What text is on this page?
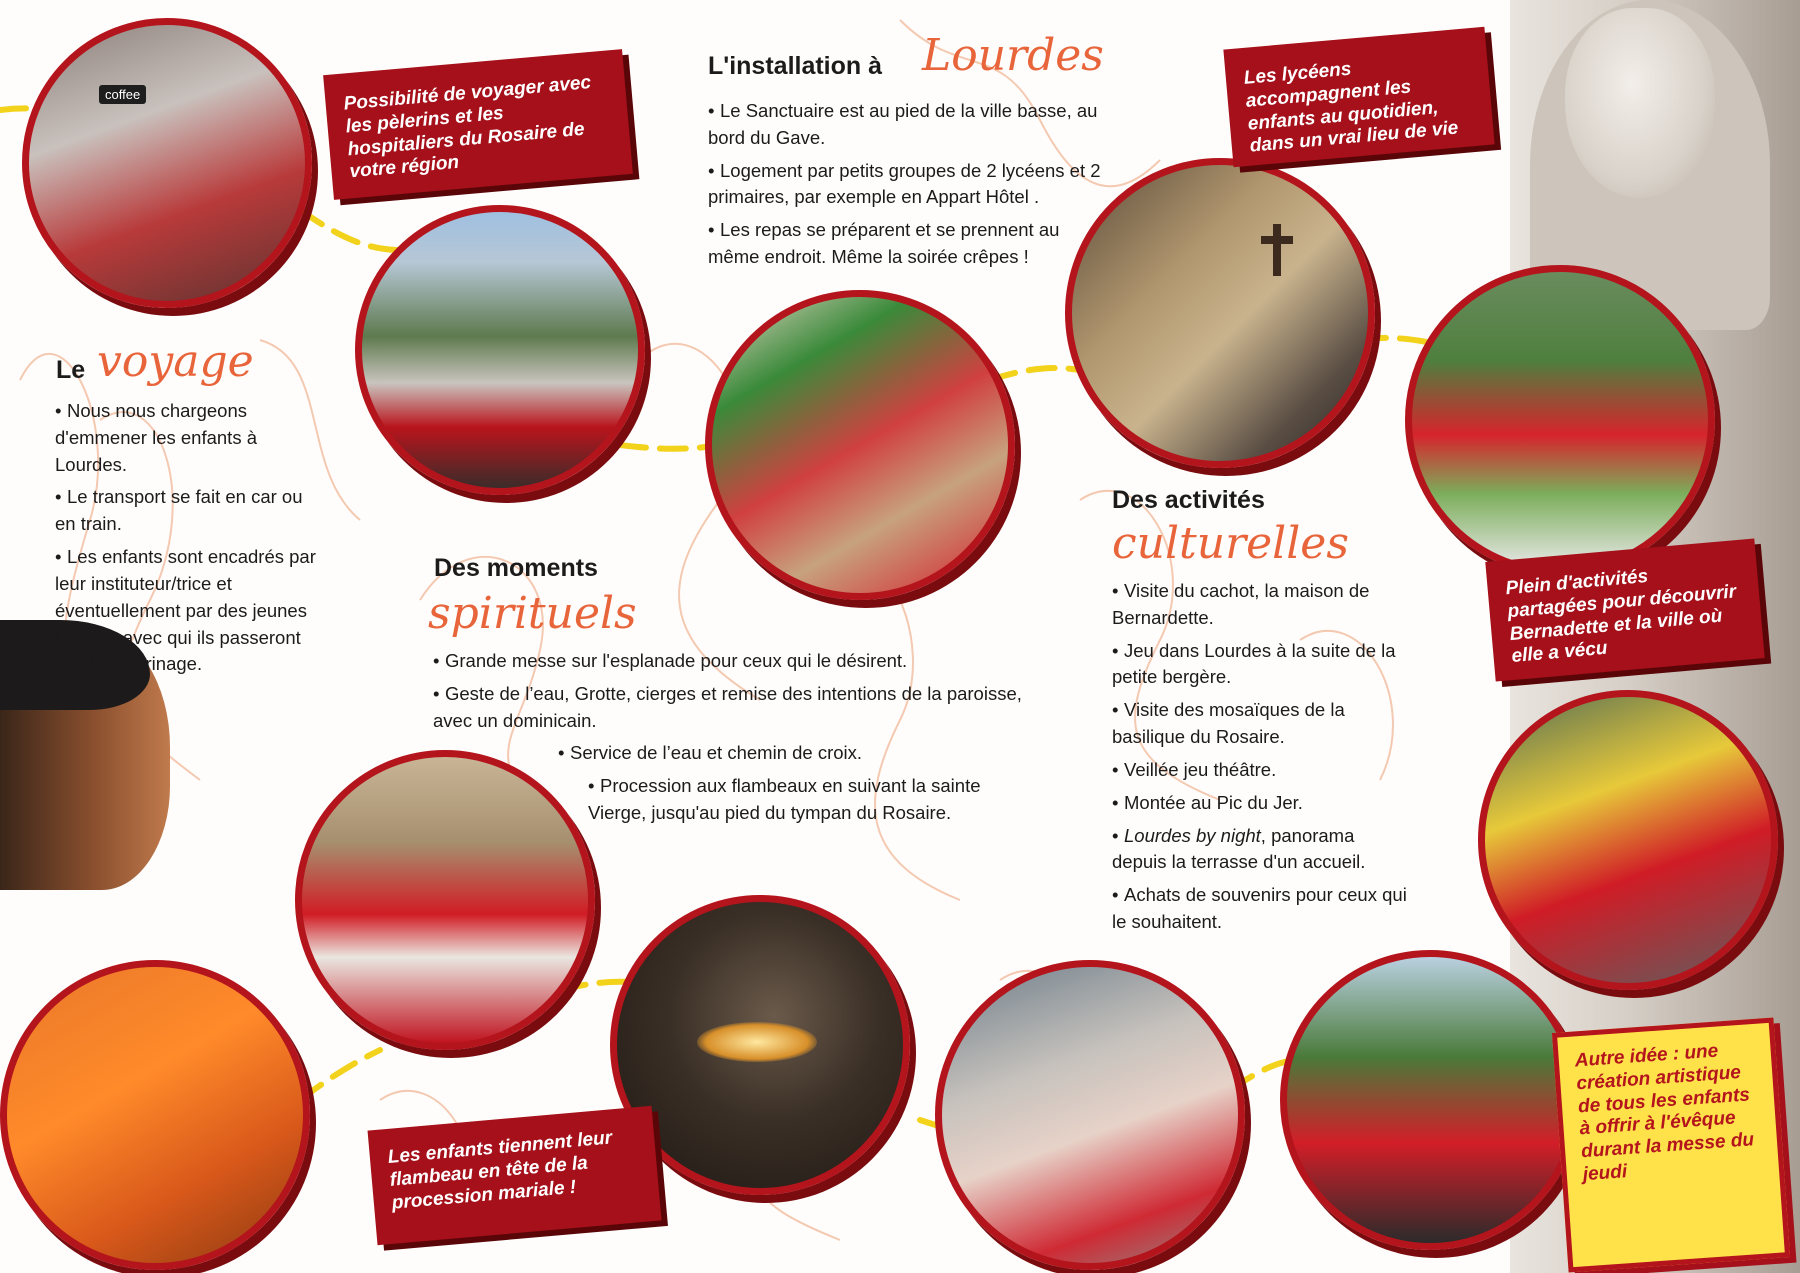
coffee	Possibilité de voyager avec les pèlerins et les hospitaliers du Rosaire de votre région
Les lycéens accompagnent les enfants au quotidien, dans un vrai lieu de vie
Plein d'activités partagées pour découvrir Bernadette et la ville où elle a vécu
Les enfants tiennent leur flambeau en tête de la procession mariale !
Autre idée : une création artistique de tous les enfants à offrir à l'évêque durant la messe du jeudi
Le voyage
• Nous nous chargeons d'emmener les enfants à Lourdes.
• Le transport se fait en car ou en train.
• Les enfants sont encadrés par leur instituteur/trice et éventuellement par des jeunes lycéens avec qui ils passeront tout le pèlerinage.
L'installation à Lourdes
• Le Sanctuaire est au pied de la ville basse, au bord du Gave.
• Logement par petits groupes de 2 lycéens et 2 primaires, par exemple en Appart Hôtel .
• Les repas se préparent et se prennent au même endroit. Même la soirée crêpes !
Des moments
spirituels
• Grande messe sur l'esplanade pour ceux qui le désirent.
• Geste de l’eau, Grotte, cierges et remise des intentions de la paroisse, avec un dominicain.
• Service de l’eau et chemin de croix.
• Procession aux flambeaux en suivant la sainte Vierge, jusqu'au pied du tympan du Rosaire.
Des activités
culturelles
• Visite du cachot, la maison de Bernardette.
• Jeu dans Lourdes à la suite de la petite bergère.
• Visite des mosaïques de la basilique du Rosaire.
• Veillée jeu théâtre.
• Montée au Pic du Jer.
• Lourdes by night, panorama depuis la terrasse d'un accueil.
• Achats de souvenirs pour ceux qui le souhaitent.
